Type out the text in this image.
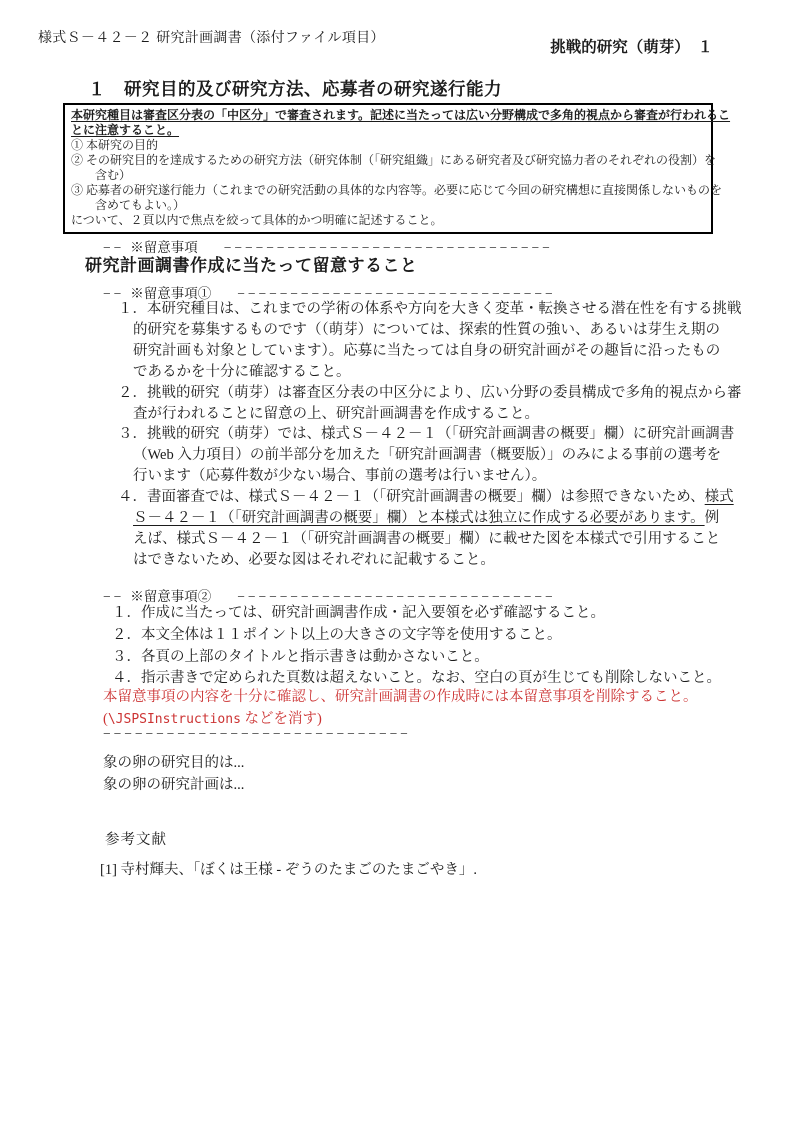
様式Ｓ－４２－２ 研究計画調書（添付ファイル項目）
挑戦的研究（萌芽）　１
１　研究目的及び研究方法、応募者の研究遂行能力
本研究種目は審査区分表の「中区分」で審査されます。記述に当たっては広い分野構成で多角的視点から審査が行われるこ
とに注意すること。
① 本研究の目的
② その研究目的を達成するための研究方法（研究体制（「研究組織」にある研究者及び研究協力者のそれぞれの役割）を
含む）
③ 応募者の研究遂行能力（これまでの研究活動の具体的な内容等。必要に応じて今回の研究構想に直接関係しないものを
含めてもよい。）
について、２頁以内で焦点を絞って具体的かつ明確に記述すること。
−− ※留意事項 −−−−−−−−−−−−−−−−−−−−−−−−−−−−−−−
研究計画調書作成に当たって留意すること
−− ※留意事項① −−−−−−−−−−−−−−−−−−−−−−−−−−−−−−
１．本研究種目は、これまでの学術の体系や方向を大きく変革・転換させる潜在性を有する挑戦
的研究を募集するものです（（萌芽）については、探索的性質の強い、あるいは芽生え期の
研究計画も対象としています）。応募に当たっては自身の研究計画がその趣旨に沿ったもの
であるかを十分に確認すること。
２．挑戦的研究（萌芽）は審査区分表の中区分により、広い分野の委員構成で多角的視点から審
査が行われることに留意の上、研究計画調書を作成すること。
３．挑戦的研究（萌芽）では、様式Ｓ－４２－１（「研究計画調書の概要」欄）に研究計画調書
（Web 入力項目）の前半部分を加えた「研究計画調書（概要版）」のみによる事前の選考を
行います（応募件数が少ない場合、事前の選考は行いません）。
４．書面審査では、様式Ｓ－４２－１（「研究計画調書の概要」欄）は参照できないため、様式
Ｓ－４２－１（「研究計画調書の概要」欄）と本様式は独立に作成する必要があります。例
えば、様式Ｓ－４２－１（「研究計画調書の概要」欄）に載せた図を本様式で引用すること
はできないため、必要な図はそれぞれに記載すること。
−− ※留意事項② −−−−−−−−−−−−−−−−−−−−−−−−−−−−−−
１．作成に当たっては、研究計画調書作成・記入要領を必ず確認すること。
２．本文全体は１１ポイント以上の大きさの文字等を使用すること。
３．各頁の上部のタイトルと指示書きは動かさないこと。
４．指示書きで定められた頁数は超えないこと。なお、空白の頁が生じても削除しないこと。
本留意事項の内容を十分に確認し、研究計画調書の作成時には本留意事項を削除すること。
(\JSPSInstructions などを消す)
−−−−−−−−−−−−−−−−−−−−−−−−−−−−−
象の卵の研究目的は...
象の卵の研究計画は...
参考文献
[1] 寺村輝夫、「ぼくは王様 - ぞうのたまごのたまごやき」.
